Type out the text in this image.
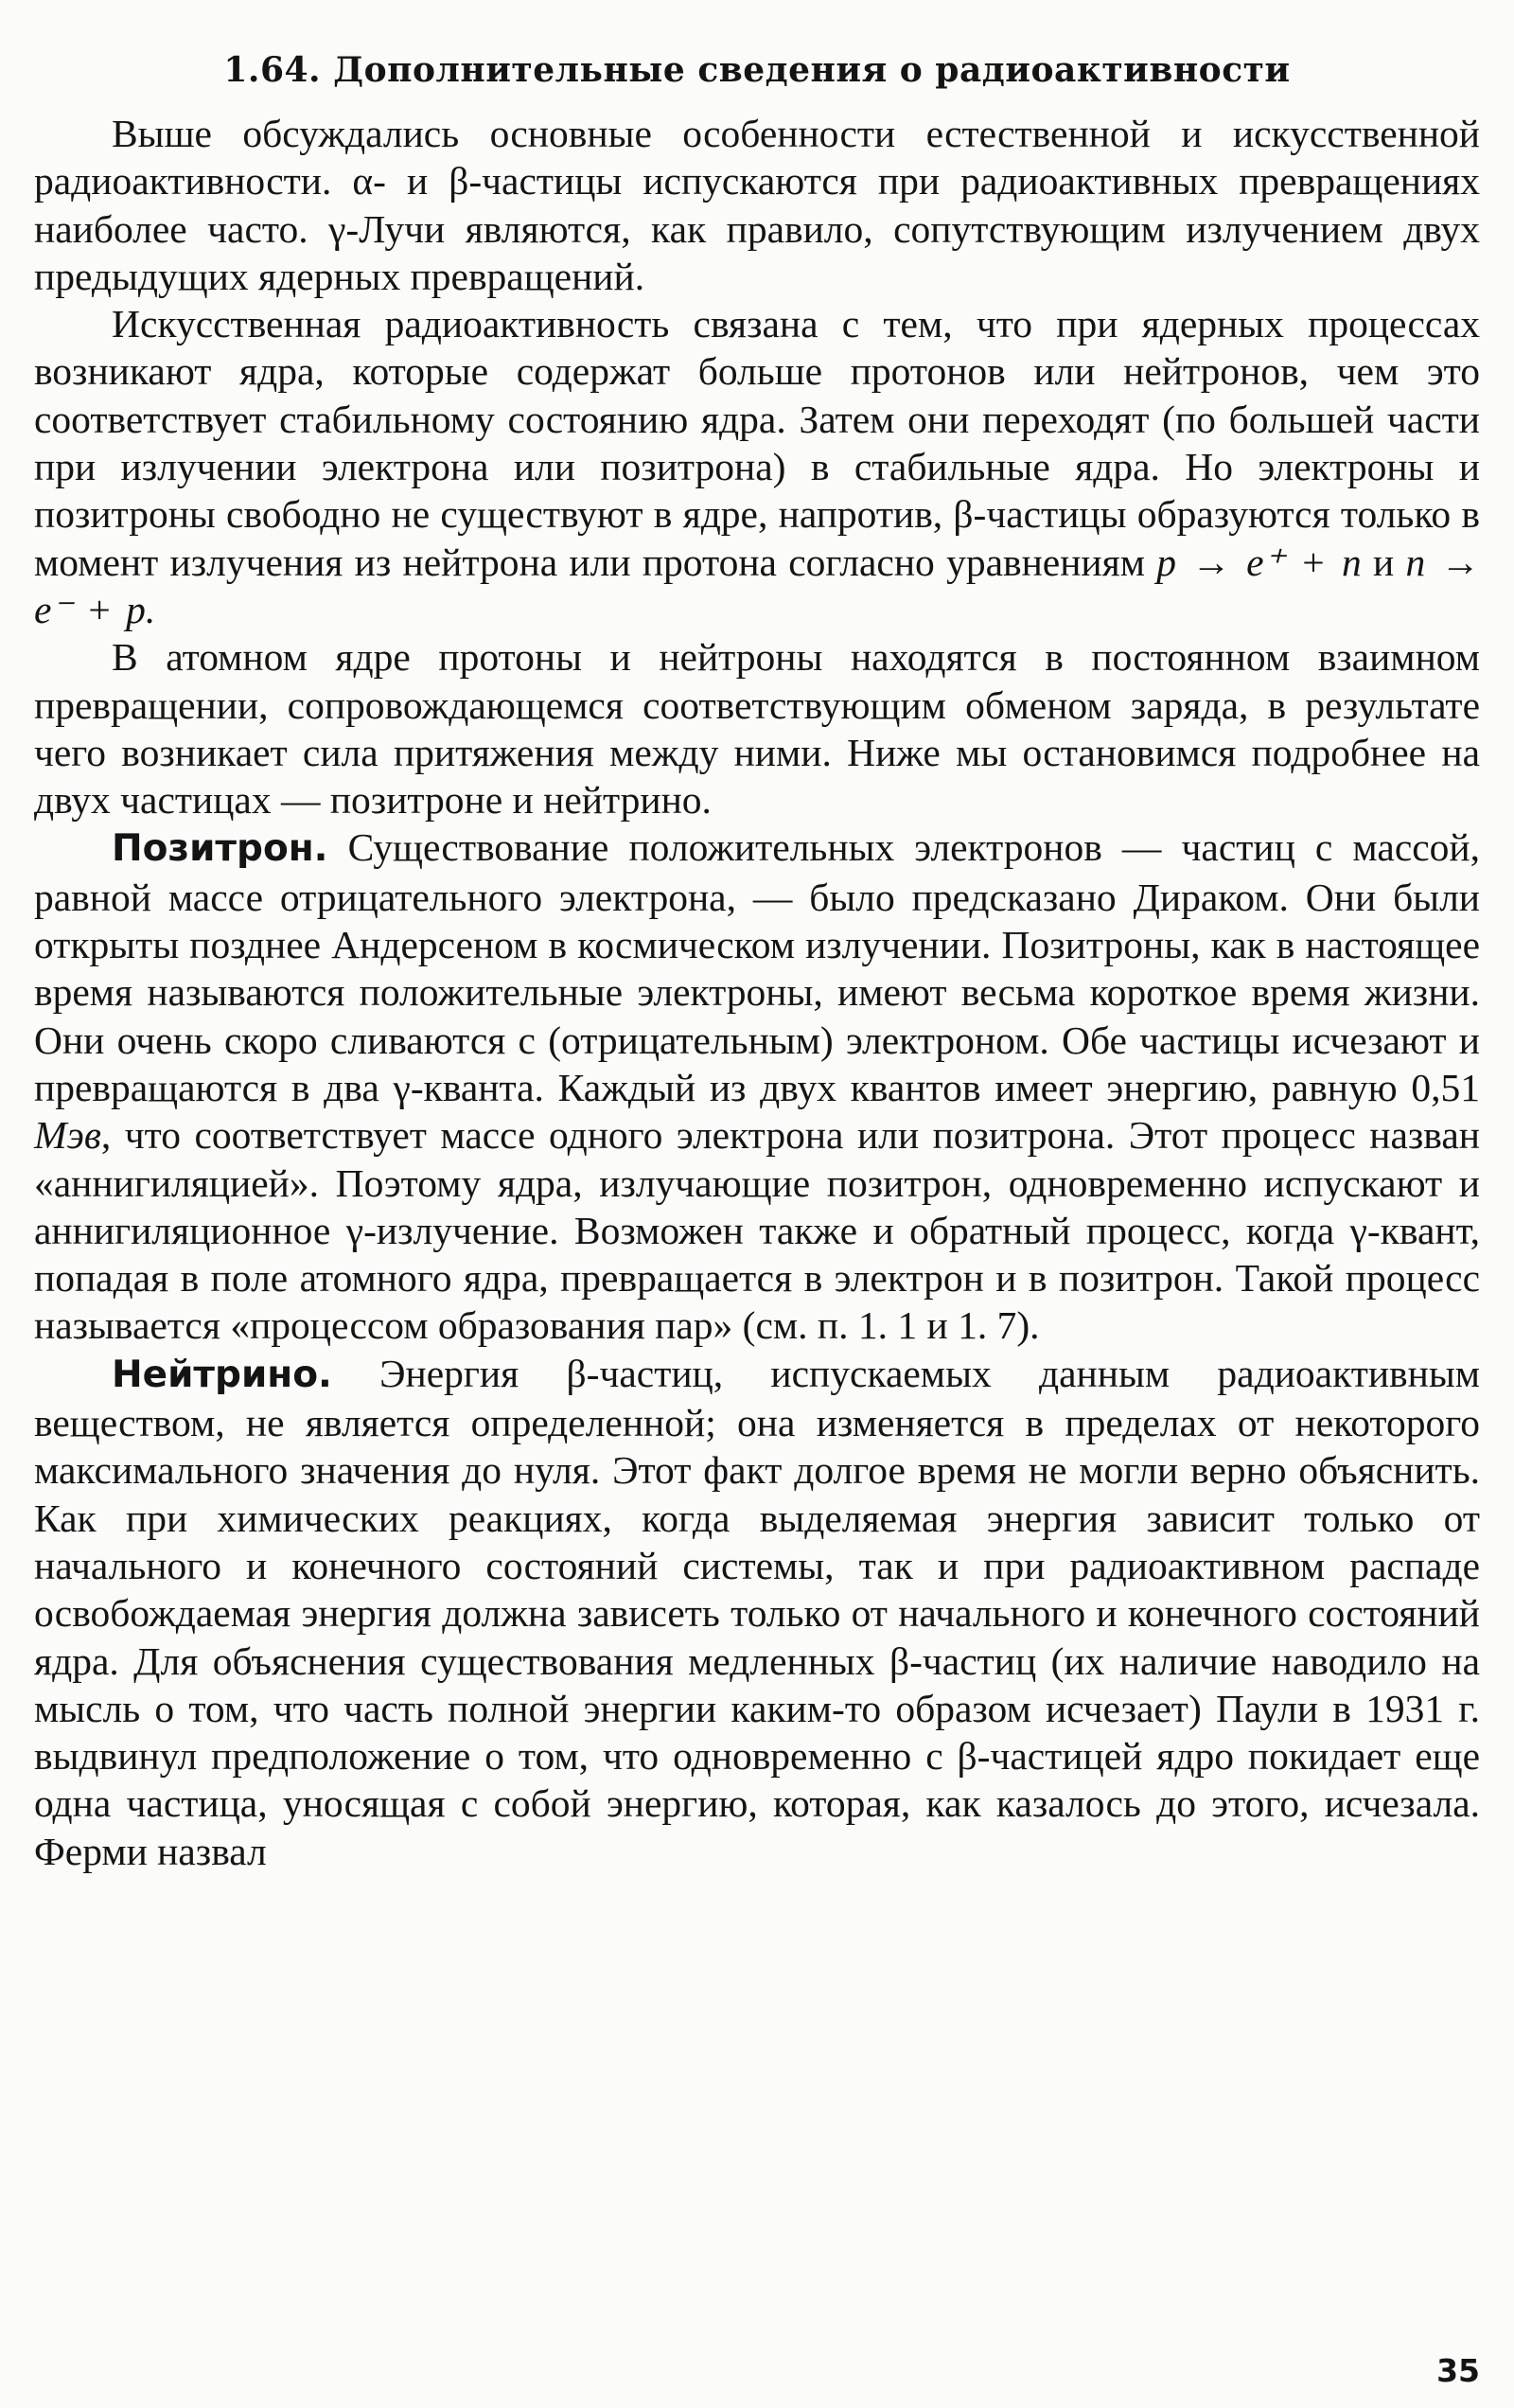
1.64. Дополнительные сведения о радиоактивности

Выше обсуждались основные особенности естественной и искусственной радиоактивности. α- и β-частицы испускаются при радиоактивных превращениях наиболее часто. γ-Лучи являются, как правило, сопутствующим излучением двух предыдущих ядерных превращений.

Искусственная радиоактивность связана с тем, что при ядерных процессах возникают ядра, которые содержат больше протонов или нейтронов, чем это соответствует стабильному состоянию ядра. Затем они переходят (по большей части при излучении электрона или позитрона) в стабильные ядра. Но электроны и позитроны свободно не существуют в ядре, напротив, β-частицы образуются только в момент излучения из нейтрона или протона согласно уравнениям p → e⁺ + n и n → e⁻ + p.

В атомном ядре протоны и нейтроны находятся в постоянном взаимном превращении, сопровождающемся соответствующим обменом заряда, в результате чего возникает сила притяжения между ними. Ниже мы остановимся подробнее на двух частицах — позитроне и нейтрино.

Позитрон. Существование положительных электронов — частиц с массой, равной массе отрицательного электрона, — было предсказано Дираком. Они были открыты позднее Андерсеном в космическом излучении. Позитроны, как в настоящее время называются положительные электроны, имеют весьма короткое время жизни. Они очень скоро сливаются с (отрицательным) электроном. Обе частицы исчезают и превращаются в два γ-кванта. Каждый из двух квантов имеет энергию, равную 0,51 Мэв, что соответствует массе одного электрона или позитрона. Этот процесс назван «аннигиляцией». Поэтому ядра, излучающие позитрон, одновременно испускают и аннигиляционное γ-излучение. Возможен также и обратный процесс, когда γ-квант, попадая в поле атомного ядра, превращается в электрон и в позитрон. Такой процесс называется «процессом образования пар» (см. п. 1. 1 и 1. 7).

Нейтрино. Энергия β-частиц, испускаемых данным радиоактивным веществом, не является определенной; она изменяется в пределах от некоторого максимального значения до нуля. Этот факт долгое время не могли верно объяснить. Как при химических реакциях, когда выделяемая энергия зависит только от начального и конечного состояний системы, так и при радиоактивном распаде освобождаемая энергия должна зависеть только от начального и конечного состояний ядра. Для объяснения существования медленных β-частиц (их наличие наводило на мысль о том, что часть полной энергии каким-то образом исчезает) Паули в 1931 г. выдвинул предположение о том, что одновременно с β-частицей ядро покидает еще одна частица, уносящая с собой энергию, которая, как казалось до этого, исчезала. Ферми назвал

35
